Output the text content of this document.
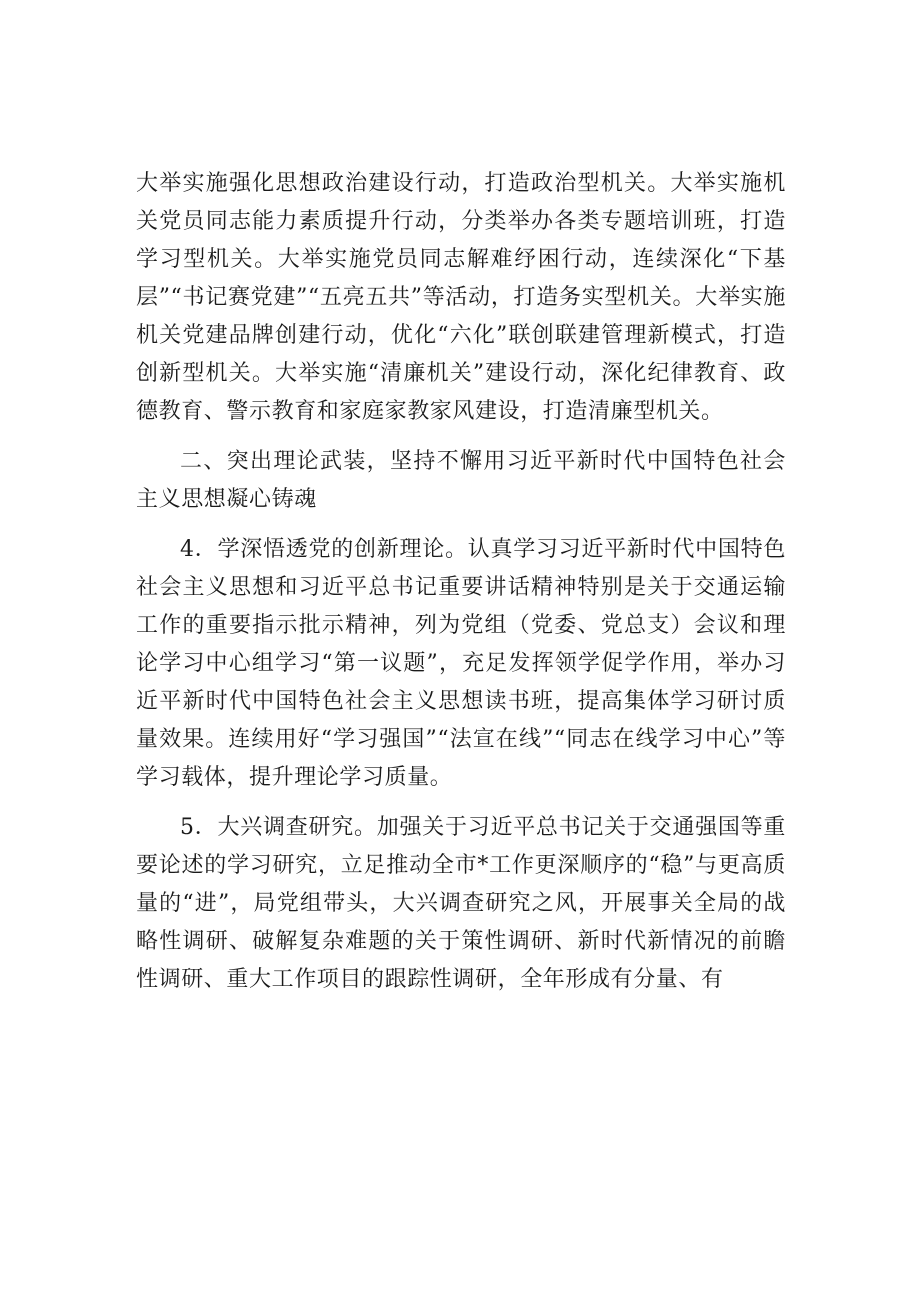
大举实施强化思想政治建设行动，打造政治型机关。大举实施机关党员同志能力素质提升行动，分类举办各类专题培训班，打造学习型机关。大举实施党员同志解难纾困行动，连续深化“下基层”“书记赛党建”“五亮五共”等活动，打造务实型机关。大举实施机关党建品牌创建行动，优化“六化”联创联建管理新模式，打造创新型机关。大举实施“清廉机关”建设行动，深化纪律教育、政德教育、警示教育和家庭家教家风建设，打造清廉型机关。

二、突出理论武装，坚持不懈用习近平新时代中国特色社会主义思想凝心铸魂

4．学深悟透党的创新理论。认真学习习近平新时代中国特色社会主义思想和习近平总书记重要讲话精神特别是关于交通运输工作的重要指示批示精神，列为党组（党委、党总支）会议和理论学习中心组学习“第一议题”，充足发挥领学促学作用，举办习近平新时代中国特色社会主义思想读书班，提高集体学习研讨质量效果。连续用好“学习强国”“法宣在线”“同志在线学习中心”等学习载体，提升理论学习质量。

5．大兴调查研究。加强关于习近平总书记关于交通强国等重要论述的学习研究，立足推动全市*工作更深顺序的“稳”与更高质量的“进”，局党组带头，大兴调查研究之风，开展事关全局的战略性调研、破解复杂难题的关于策性调研、新时代新情况的前瞻性调研、重大工作项目的跟踪性调研，全年形成有分量、有
